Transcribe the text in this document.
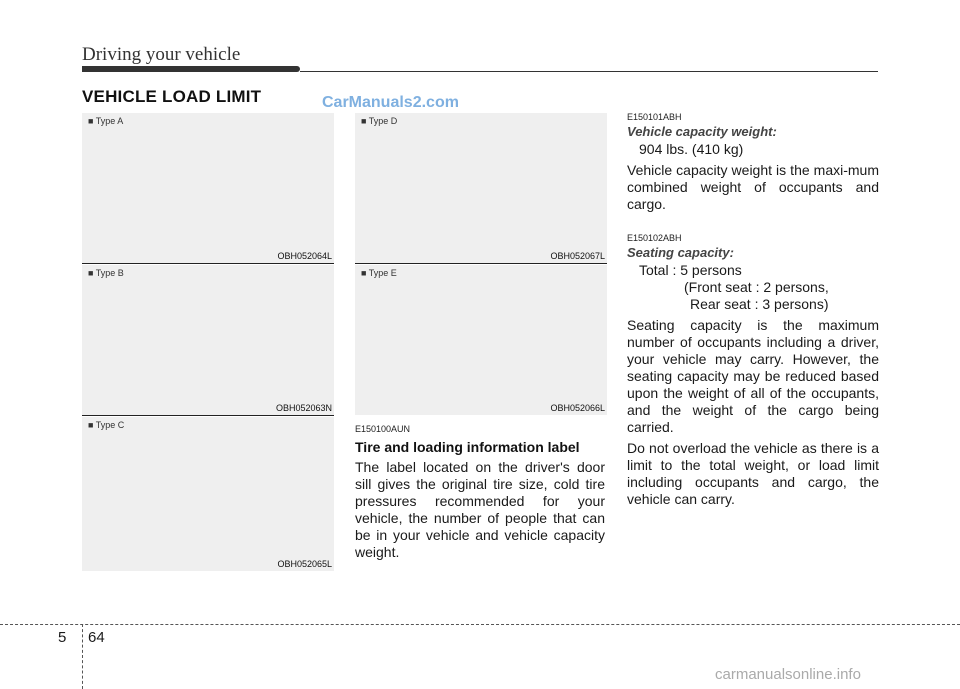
Driving your vehicle
VEHICLE LOAD LIMIT	CarManuals2.com
■ Type A
OBH052064L
■ Type B
OBH052063N
■ Type C
OBH052065L
■ Type D
OBH052067L
■ Type E
OBH052066L

E150100AUN

Tire and loading information label

The label located on the driver's door sill gives the original tire size, cold tire pressures recommended for your vehicle, the number of people that can be in your vehicle and vehicle capacity weight.

E150101ABH

Vehicle capacity weight:

904 lbs. (410 kg)

Vehicle capacity weight is the maxi-mum combined weight of occupants and cargo.

E150102ABH

Seating capacity:

Total : 5 persons

(Front seat : 2 persons,

Rear seat : 3 persons)

Seating capacity is the maximum number of occupants including a driver, your vehicle may carry. However, the seating capacity may be reduced based upon the weight of all of the occupants, and the weight of the cargo being carried.

Do not overload the vehicle as there is a limit to the total weight, or load limit including occupants and cargo, the vehicle can carry.

5 64
carmanualsonline.info
